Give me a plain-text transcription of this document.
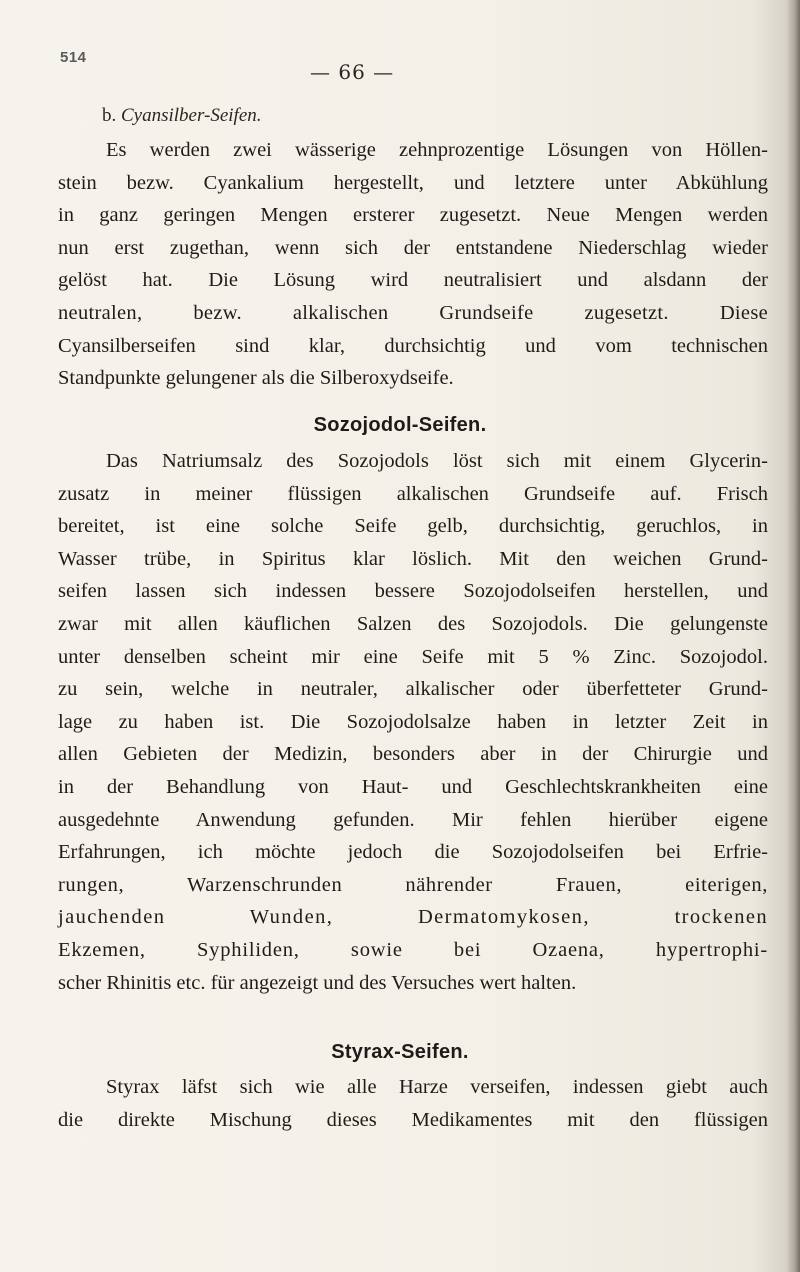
514
— 66 —
b. Cyansilber-Seifen.
Es werden zwei wässerige zehnprozentige Lösungen von Höllen-
stein bezw. Cyankalium hergestellt, und letztere unter Abkühlung
in ganz geringen Mengen ersterer zugesetzt. Neue Mengen werden
nun erst zugethan, wenn sich der entstandene Niederschlag wieder
gelöst hat. Die Lösung wird neutralisiert und alsdann der
neutralen, bezw. alkalischen Grundseife zugesetzt. Diese
Cyansilberseifen sind klar, durchsichtig und vom technischen
Standpunkte gelungener als die Silberoxydseife.
Sozojodol-Seifen.
Das Natriumsalz des Sozojodols löst sich mit einem Glycerin-
zusatz in meiner flüssigen alkalischen Grundseife auf. Frisch
bereitet, ist eine solche Seife gelb, durchsichtig, geruchlos, in
Wasser trübe, in Spiritus klar löslich. Mit den weichen Grund-
seifen lassen sich indessen bessere Sozojodolseifen herstellen, und
zwar mit allen käuflichen Salzen des Sozojodols. Die gelungenste
unter denselben scheint mir eine Seife mit 5 % Zinc. Sozojodol.
zu sein, welche in neutraler, alkalischer oder überfetteter Grund-
lage zu haben ist. Die Sozojodolsalze haben in letzter Zeit in
allen Gebieten der Medizin, besonders aber in der Chirurgie und
in der Behandlung von Haut- und Geschlechtskrankheiten eine
ausgedehnte Anwendung gefunden. Mir fehlen hierüber eigene
Erfahrungen, ich möchte jedoch die Sozojodolseifen bei Erfrie-
rungen, Warzenschrunden nährender Frauen, eiterigen,
jauchenden Wunden, Dermatomykosen, trockenen
Ekzemen, Syphiliden, sowie bei Ozaena, hypertrophi-
scher Rhinitis etc. für angezeigt und des Versuches wert halten.
Styrax-Seifen.
Styrax läfst sich wie alle Harze verseifen, indessen giebt auch
die direkte Mischung dieses Medikamentes mit den flüssigen
